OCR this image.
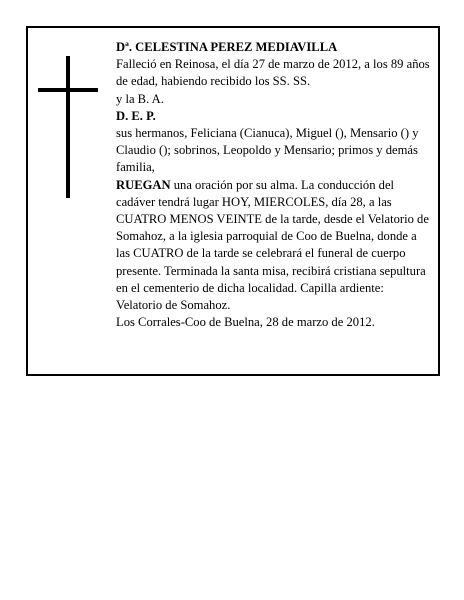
Dª. CELESTINA PEREZ MEDIAVILLA

Falleció en Reinosa, el día 27 de marzo de 2012, a los 89 años de edad, habiendo recibido los SS. SS.

y la B. A.

D. E. P.

sus hermanos, Feliciana (Cianuca), Miguel (), Mensario () y Claudio (); sobrinos, Leopoldo y Mensario; primos y demás familia,

RUEGAN una oración por su alma. La conducción del cadáver tendrá lugar HOY, MIERCOLES, día 28, a las CUATRO MENOS VEINTE de la tarde, desde el Velatorio de Somahoz, a la iglesia parroquial de Coo de Buelna, donde a las CUATRO de la tarde se celebrará el funeral de cuerpo presente. Terminada la santa misa, recibirá cristiana sepultura en el cementerio de dicha localidad. Capilla ardiente: Velatorio de Somahoz.

Los Corrales-Coo de Buelna, 28 de marzo de 2012.
